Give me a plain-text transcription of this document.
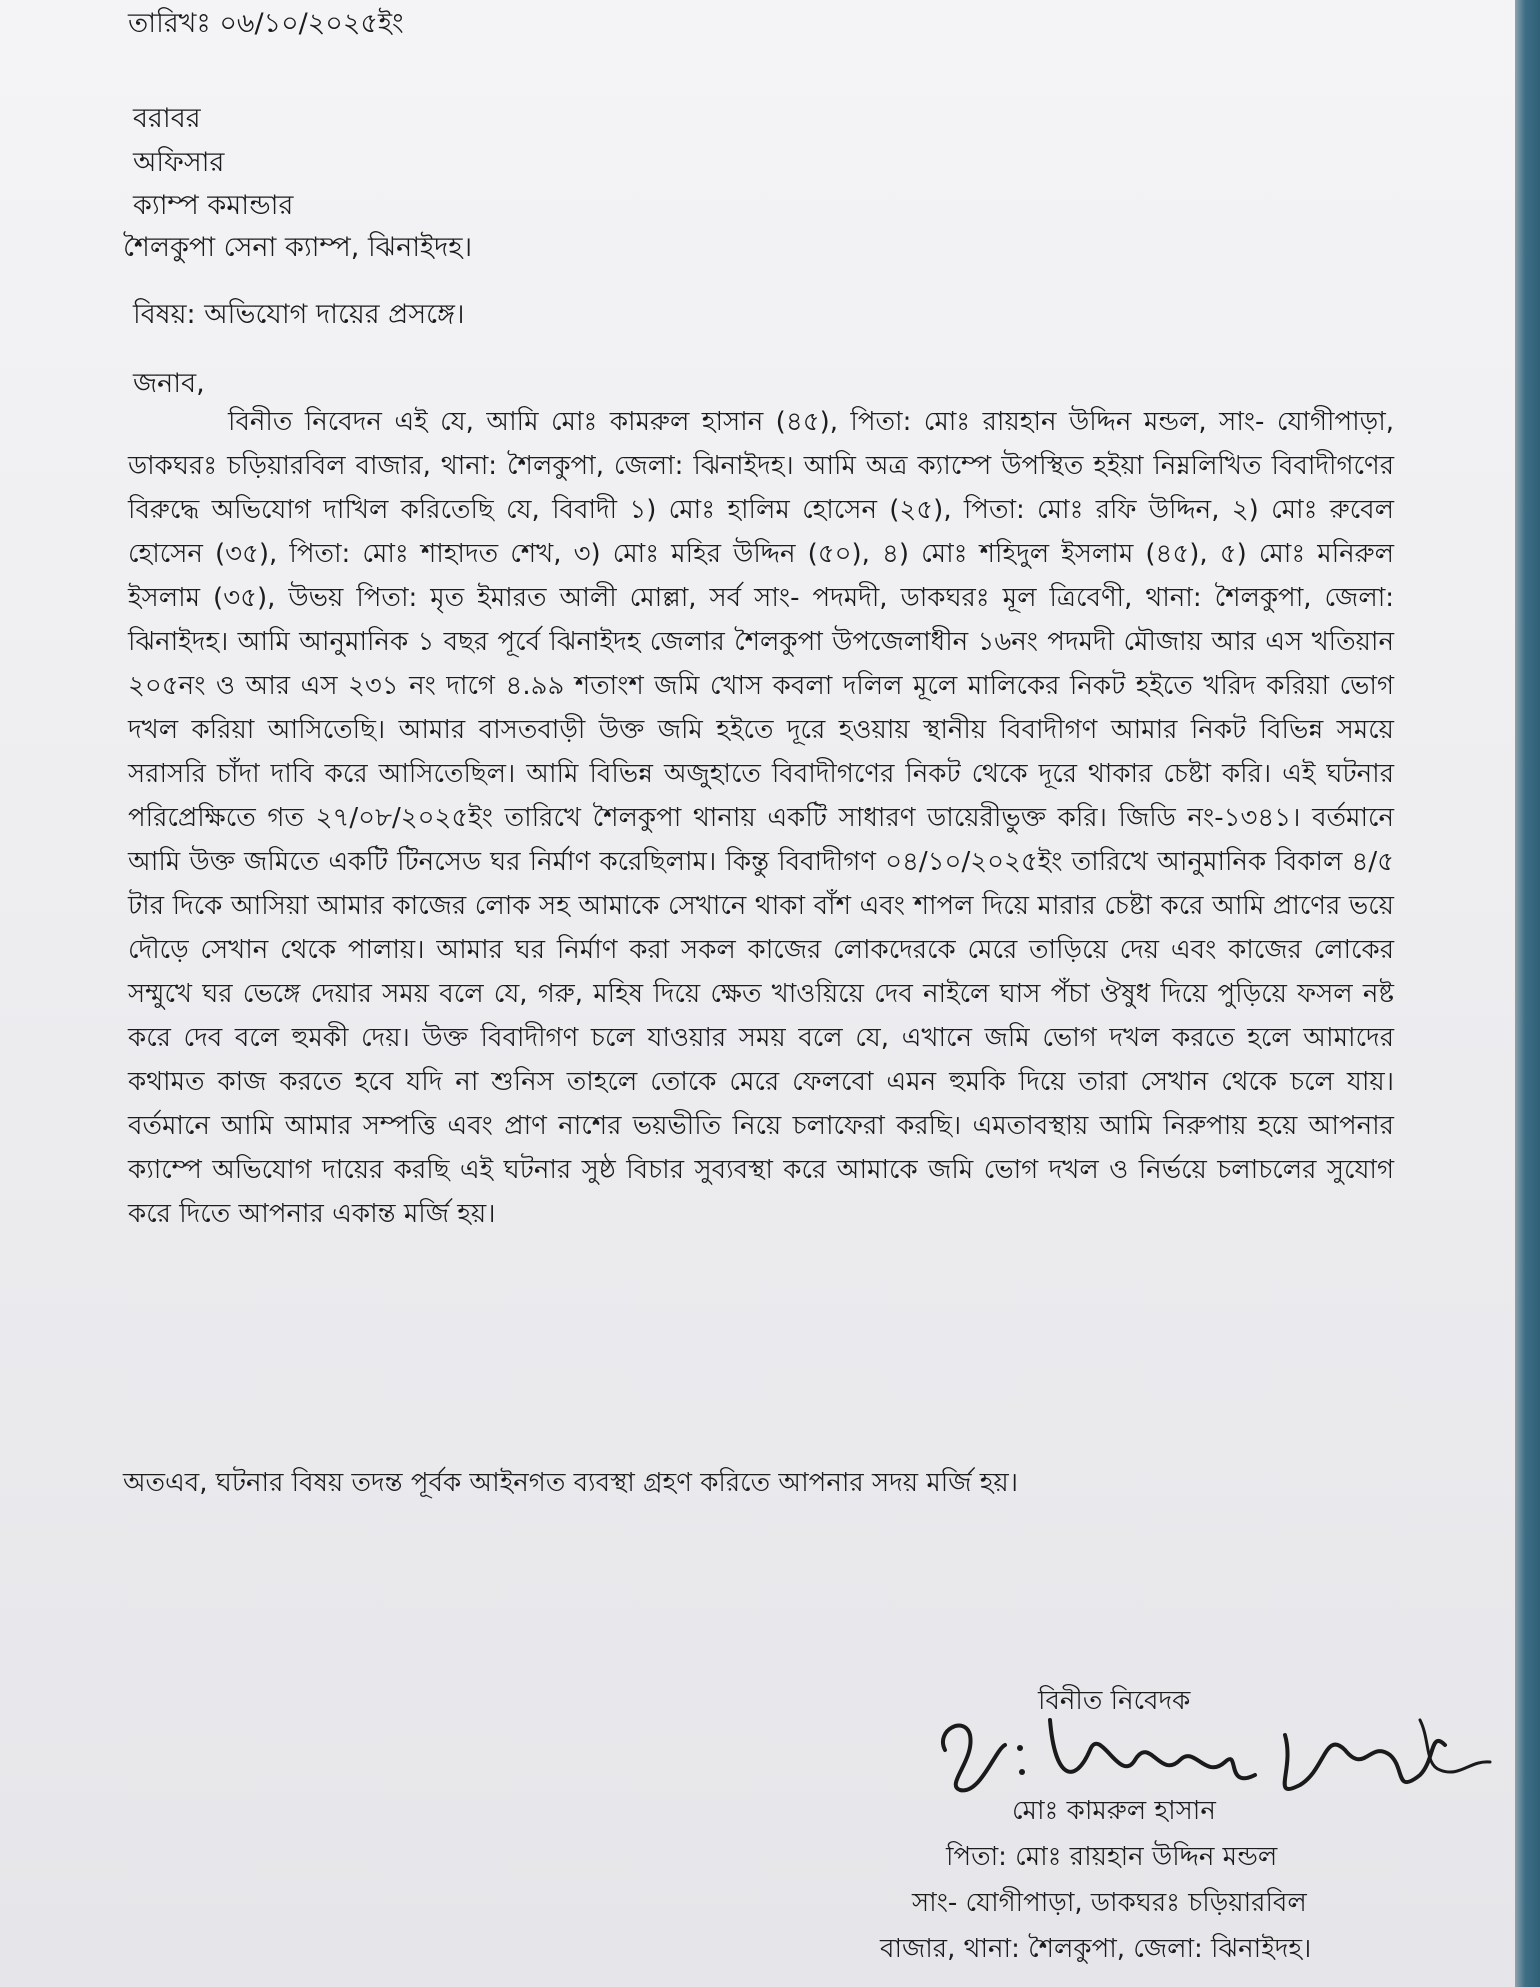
তারিখঃ ০৬/১০/২০২৫ইং
বরাবর
অফিসার
ক্যাম্প কমান্ডার
শৈলকুপা সেনা ক্যাম্প, ঝিনাইদহ।
বিষয়: অভিযোগ দায়ের প্রসঙ্গে।
জনাব,
বিনীত নিবেদন এই যে, আমি মোঃ কামরুল হাসান (৪৫), পিতা: মোঃ রায়হান উদ্দিন মন্ডল, সাং- যোগীপাড়া, ডাকঘরঃ চড়িয়ারবিল বাজার, থানা: শৈলকুপা, জেলা: ঝিনাইদহ। আমি অত্র ক্যাম্পে উপস্থিত হইয়া নিম্নলিখিত বিবাদীগণের বিরুদ্ধে অভিযোগ দাখিল করিতেছি যে, বিবাদী ১) মোঃ হালিম হোসেন (২৫), পিতা: মোঃ রফি উদ্দিন, ২) মোঃ রুবেল হোসেন (৩৫), পিতা: মোঃ শাহাদত শেখ, ৩) মোঃ মহির উদ্দিন (৫০), ৪) মোঃ শহিদুল ইসলাম (৪৫), ৫) মোঃ মনিরুল ইসলাম (৩৫), উভয় পিতা: মৃত ইমারত আলী মোল্লা, সর্ব সাং- পদমদী, ডাকঘরঃ মূল ত্রিবেণী, থানা: শৈলকুপা, জেলা: ঝিনাইদহ। আমি আনুমানিক ১ বছর পূর্বে ঝিনাইদহ জেলার শৈলকুপা উপজেলাধীন ১৬নং পদমদী মৌজায় আর এস খতিয়ান ২০৫নং ও আর এস ২৩১ নং দাগে ৪.৯৯ শতাংশ জমি খোস কবলা দলিল মূলে মালিকের নিকট হইতে খরিদ করিয়া ভোগ দখল করিয়া আসিতেছি। আমার বাসতবাড়ী উক্ত জমি হইতে দূরে হওয়ায় স্থানীয় বিবাদীগণ আমার নিকট বিভিন্ন সময়ে সরাসরি চাঁদা দাবি করে আসিতেছিল। আমি বিভিন্ন অজুহাতে বিবাদীগণের নিকট থেকে দূরে থাকার চেষ্টা করি। এই ঘটনার পরিপ্রেক্ষিতে গত ২৭/০৮/২০২৫ইং তারিখে শৈলকুপা থানায় একটি সাধারণ ডায়েরীভুক্ত করি। জিডি নং-১৩৪১। বর্তমানে আমি উক্ত জমিতে একটি টিনসেড ঘর নির্মাণ করেছিলাম। কিন্তু বিবাদীগণ ০৪/১০/২০২৫ইং তারিখে আনুমানিক বিকাল ৪/৫ টার দিকে আসিয়া আমার কাজের লোক সহ আমাকে সেখানে থাকা বাঁশ এবং শাপল দিয়ে মারার চেষ্টা করে আমি প্রাণের ভয়ে দৌড়ে সেখান থেকে পালায়। আমার ঘর নির্মাণ করা সকল কাজের লোকদেরকে মেরে তাড়িয়ে দেয় এবং কাজের লোকের সম্মুখে ঘর ভেঙ্গে দেয়ার সময় বলে যে, গরু, মহিষ দিয়ে ক্ষেত খাওয়িয়ে দেব নাইলে ঘাস পঁচা ঔষুধ দিয়ে পুড়িয়ে ফসল নষ্ট করে দেব বলে হুমকী দেয়। উক্ত বিবাদীগণ চলে যাওয়ার সময় বলে যে, এখানে জমি ভোগ দখল করতে হলে আমাদের কথামত কাজ করতে হবে যদি না শুনিস তাহলে তোকে মেরে ফেলবো এমন হুমকি দিয়ে তারা সেখান থেকে চলে যায়। বর্তমানে আমি আমার সম্পত্তি এবং প্রাণ নাশের ভয়ভীতি নিয়ে চলাফেরা করছি। এমতাবস্থায় আমি নিরুপায় হয়ে আপনার ক্যাম্পে অভিযোগ দায়ের করছি এই ঘটনার সুষ্ঠ বিচার সুব্যবস্থা করে আমাকে জমি ভোগ দখল ও নির্ভয়ে চলাচলের সুযোগ করে দিতে আপনার একান্ত মর্জি হয়।
অতএব, ঘটনার বিষয় তদন্ত পূর্বক আইনগত ব্যবস্থা গ্রহণ করিতে আপনার সদয় মর্জি হয়।
বিনীত নিবেদক
মোঃ কামরুল হাসান
পিতা: মোঃ রায়হান উদ্দিন মন্ডল
সাং- যোগীপাড়া, ডাকঘরঃ চড়িয়ারবিল
বাজার, থানা: শৈলকুপা, জেলা: ঝিনাইদহ।
